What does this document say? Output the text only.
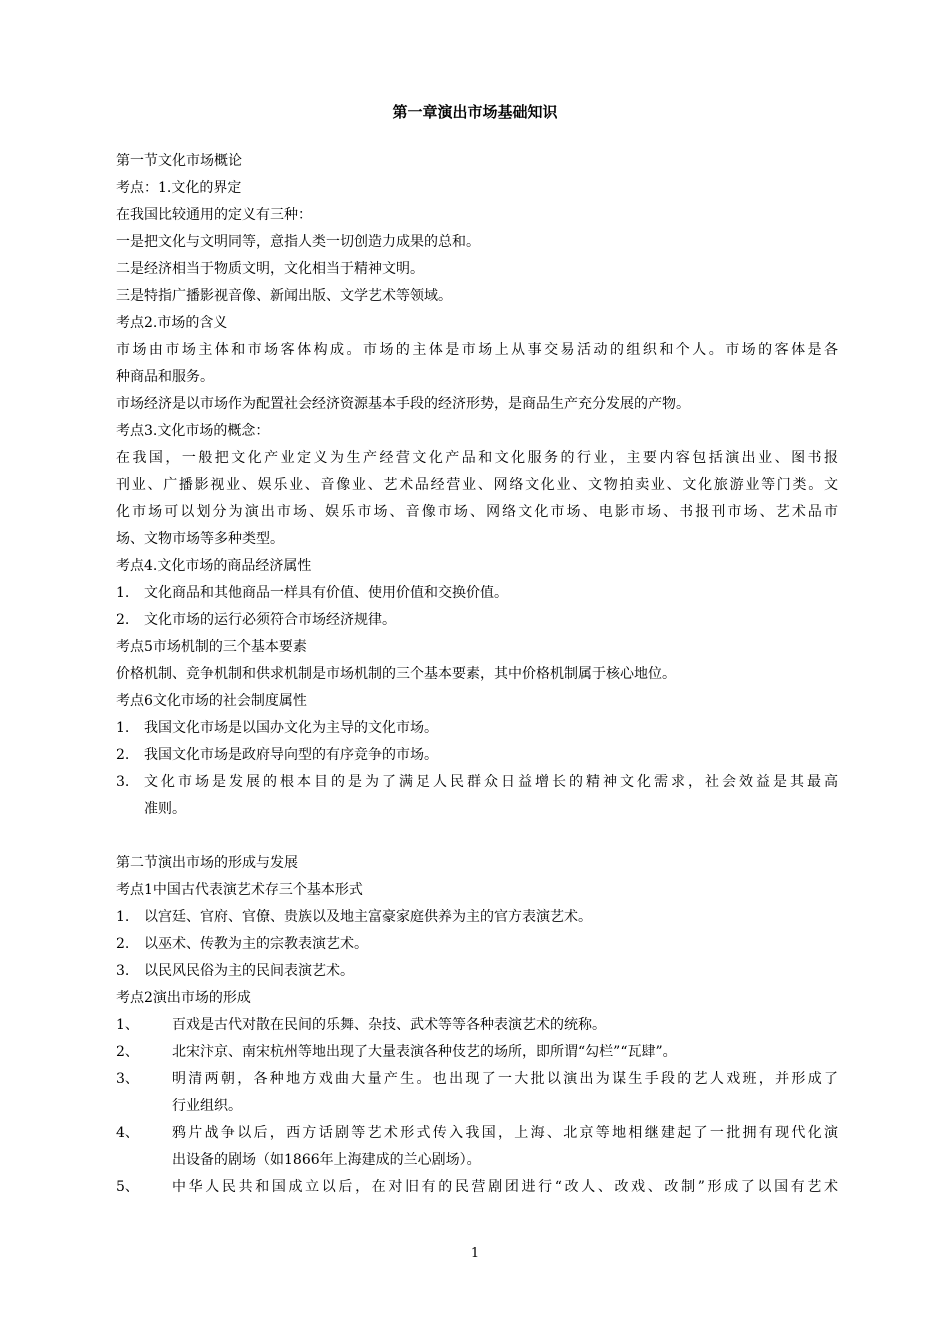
第一章演出市场基础知识
第一节文化市场概论
考点：1.文化的界定
在我国比较通用的定义有三种：
一是把文化与文明同等，意指人类一切创造力成果的总和。
二是经济相当于物质文明，文化相当于精神文明。
三是特指广播影视音像、新闻出版、文学艺术等领域。
考点2.市场的含义
市场由市场主体和市场客体构成。市场的主体是市场上从事交易活动的组织和个人。市场的客体是各
种商品和服务。
市场经济是以市场作为配置社会经济资源基本手段的经济形势，是商品生产充分发展的产物。
考点3.文化市场的概念：
在我国，一般把文化产业定义为生产经营文化产品和文化服务的行业，主要内容包括演出业、图书报
刊业、广播影视业、娱乐业、音像业、艺术品经营业、网络文化业、文物拍卖业、文化旅游业等门类。文
化市场可以划分为演出市场、娱乐市场、音像市场、网络文化市场、电影市场、书报刊市场、艺术品市
场、文物市场等多种类型。
考点4.文化市场的商品经济属性
1.	文化商品和其他商品一样具有价值、使用价值和交换价值。
2.	文化市场的运行必须符合市场经济规律。
考点5市场机制的三个基本要素
价格机制、竞争机制和供求机制是市场机制的三个基本要素，其中价格机制属于核心地位。
考点6文化市场的社会制度属性
1.	我国文化市场是以国办文化为主导的文化市场。
2.	我国文化市场是政府导向型的有序竞争的市场。
3.	文化市场是发展的根本目的是为了满足人民群众日益增长的精神文化需求，社会效益是其最高
准则。
第二节演出市场的形成与发展
考点1中国古代表演艺术存三个基本形式
1.	以宫廷、官府、官僚、贵族以及地主富豪家庭供养为主的官方表演艺术。
2.	以巫术、传教为主的宗教表演艺术。
3.	以民风民俗为主的民间表演艺术。
考点2演出市场的形成
1、	百戏是古代对散在民间的乐舞、杂技、武术等等各种表演艺术的统称。
2、	北宋汴京、南宋杭州等地出现了大量表演各种伎艺的场所，即所谓“勾栏”“瓦肆”。
3、	明清两朝，各种地方戏曲大量产生。也出现了一大批以演出为谋生手段的艺人戏班，并形成了
行业组织。
4、	鸦片战争以后，西方话剧等艺术形式传入我国，上海、北京等地相继建起了一批拥有现代化演
出设备的剧场（如1866年上海建成的兰心剧场）。
5、	中华人民共和国成立以后，在对旧有的民营剧团进行“改人、改戏、改制”形成了以国有艺术
1
